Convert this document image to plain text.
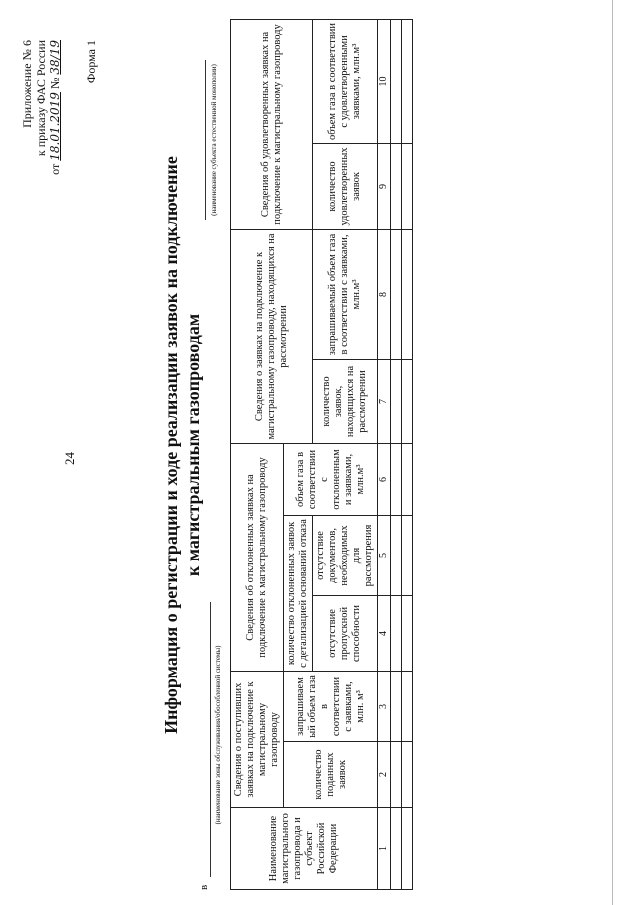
24
Приложение № 6 к приказу ФАС России
от 18.01.2019 № 38/19 Форма 1
Информация о регистрации и ходе реализации заявок на подключение к магистральным газопроводам
(наименование субъекта естественной монополии)
в
(наименование зоны обслуживания/обособленной системы)
Наименование магистрального газопровода и субъект Российской Федерации	Сведения о поступивших заявках на подключение к магистральному газопроводу		Сведения об отклоненных заявках на подключение к магистральному газопроводу			Сведения о заявках на подключение к магистральному газопроводу, находящихся на рассмотрении		Сведения об удовлетворенных заявках на подключение к магистральному газопроводу	
	количество поданных заявок	запрашиваемый объем газа в соответствии с заявками, млн. м³	количество отклоненных заявок с детализацией оснований отказа		объем газа в соответствии с отклоненными заявками, млн.м³				
			отсутствие пропускной способности	отсутствие документов, необходимых для рассмотрения		количество заявок, находящихся на рассмотрении	запрашиваемый объем газа в соответствии с заявками, млн.м³	количество удовлетворенных заявок	объем газа в соответствии с удовлетворенными заявками, млн.м³
1	2	3	4	5	6	7	8	9	10
